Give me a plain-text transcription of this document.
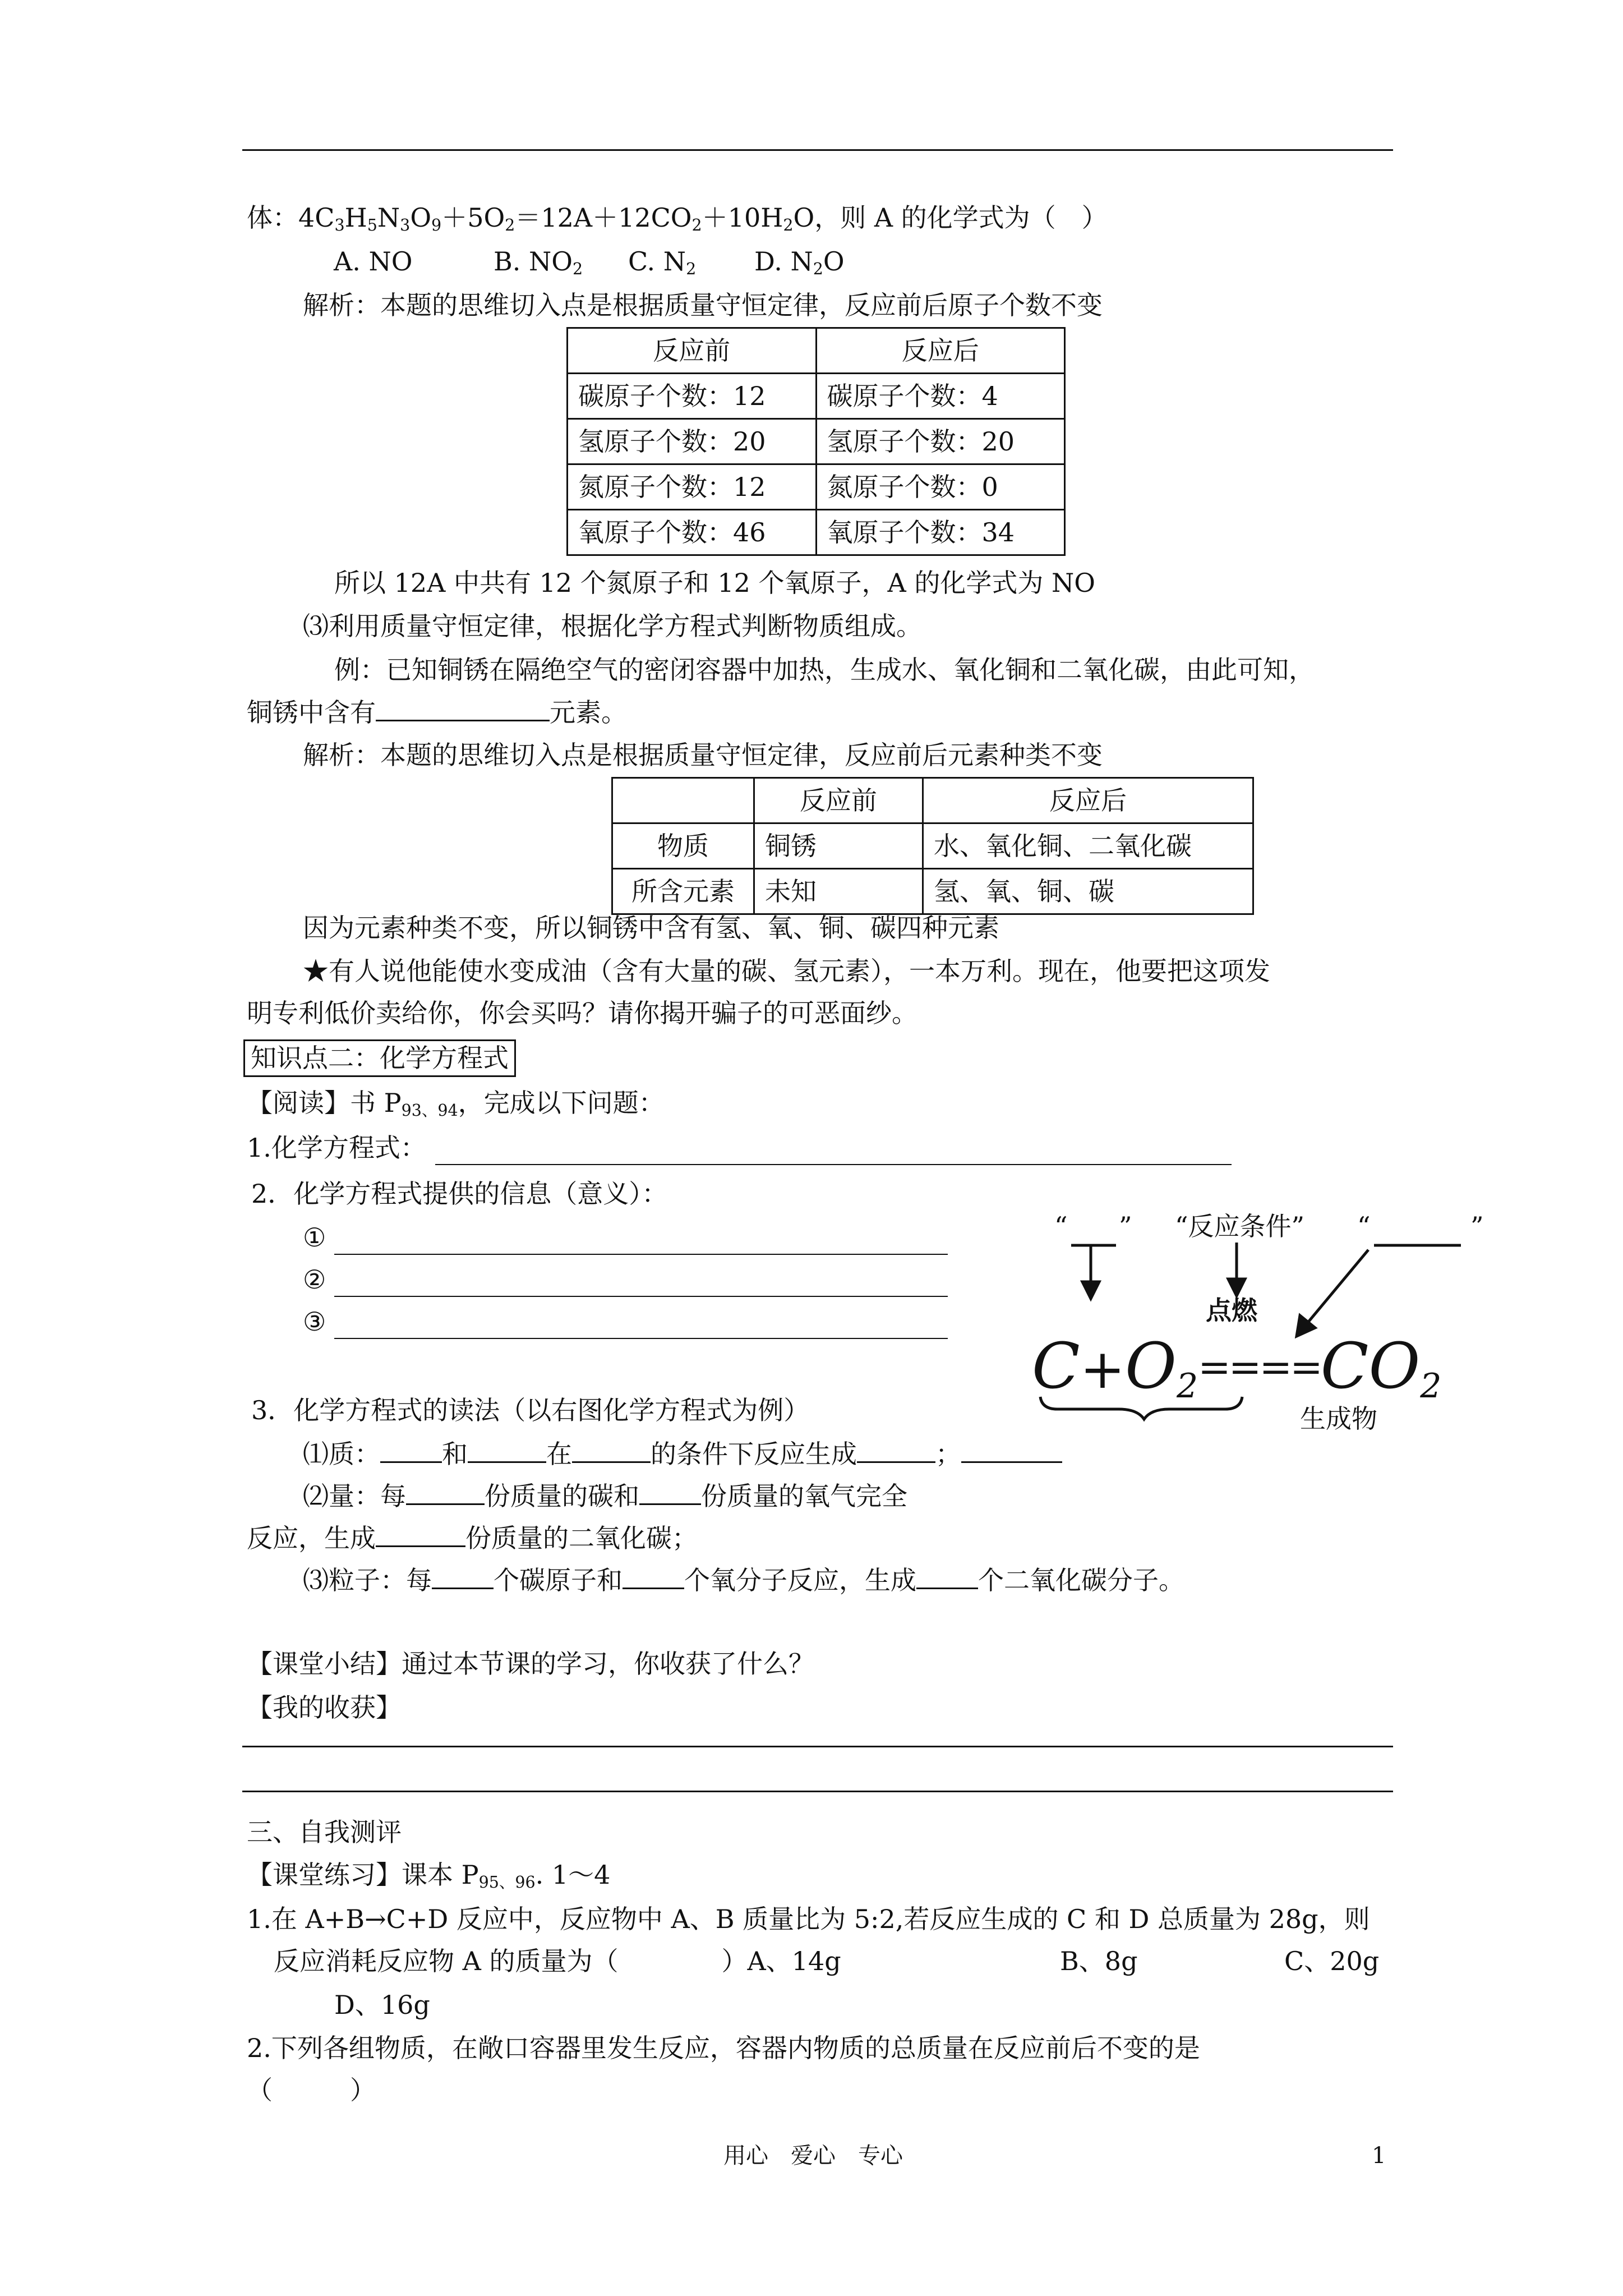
体：$4C_3H_5N_3O_9+5O_2=12A+12CO_2+10H_2O$，则 A 的化学式为（　）
A. NO	B. $NO_2$ C. $N_2$ D. $N_2O$
解析：本题的思维切入点是根据质量守恒定律，反应前后原子个数不变
反应前	反应后
碳原子个数：12	碳原子个数：4
氢原子个数：20	氢原子个数：20
氮原子个数：12	氮原子个数：0
氧原子个数：46	氧原子个数：34
所以 12A 中共有 12 个氮原子和 12 个氧原子，A 的化学式为 NO
⑶利用质量守恒定律，根据化学方程式判断物质组成。
例：已知铜锈在隔绝空气的密闭容器中加热，生成水、氧化铜和二氧化碳，由此可知，
铜锈中含有	元素。
解析：本题的思维切入点是根据质量守恒定律，反应前后元素种类不变
	反应前	反应后
物质	铜锈	水、氧化铜、二氧化碳
所含元素	未知	氢、氧、铜、碳
因为元素种类不变，所以铜锈中含有氢、氧、铜、碳四种元素
★有人说他能使水变成油（含有大量的碳、氢元素），一本万利。现在，他要把这项发
明专利低价卖给你，你会买吗？请你揭开骗子的可恶面纱。
知识点二：化学方程式
【阅读】书 $P_{93、94}$，完成以下问题：
1.化学方程式：
2．化学方程式提供的信息（意义）：
①
②
③
“ ” “反应条件” “	”
点燃
$C+O_2====CO_2$
生成物
3．化学方程式的读法（以右图化学方程式为例）
⑴质： 和	在	的条件下反应生成	；
⑵量：每	份质量的碳和 份质量的氧气完全
反应，生成	份质量的二氧化碳；
⑶粒子：每 个碳原子和 个氧分子反应，生成 个二氧化碳分子。
【课堂小结】通过本节课的学习，你收获了什么？
【我的收获】
三、自我测评
【课堂练习】课本 $P_{95、96}$. 1～4
1.在 A+B→C+D 反应中，反应物中 A、B 质量比为 5:2,若反应生成的 C 和 D 总质量为 28g，则
反应消耗反应物 A 的质量为（　　　　）A、14g	B、8g	C、20g
D、16g
2.下列各组物质，在敞口容器里发生反应，容器内物质的总质量在反应前后不变的是
（　　　）
用心　爱心　专心	1
